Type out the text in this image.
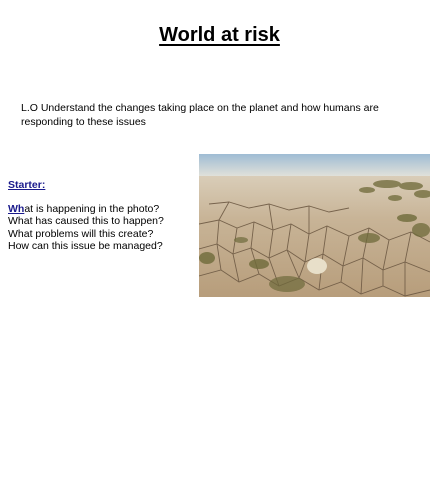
World at risk
L.O Understand the changes taking place on the planet and how humans are responding to these issues
Starter:
What is happening in the photo?
What has caused this to happen?
What problems will this create?
How can this issue be managed?
